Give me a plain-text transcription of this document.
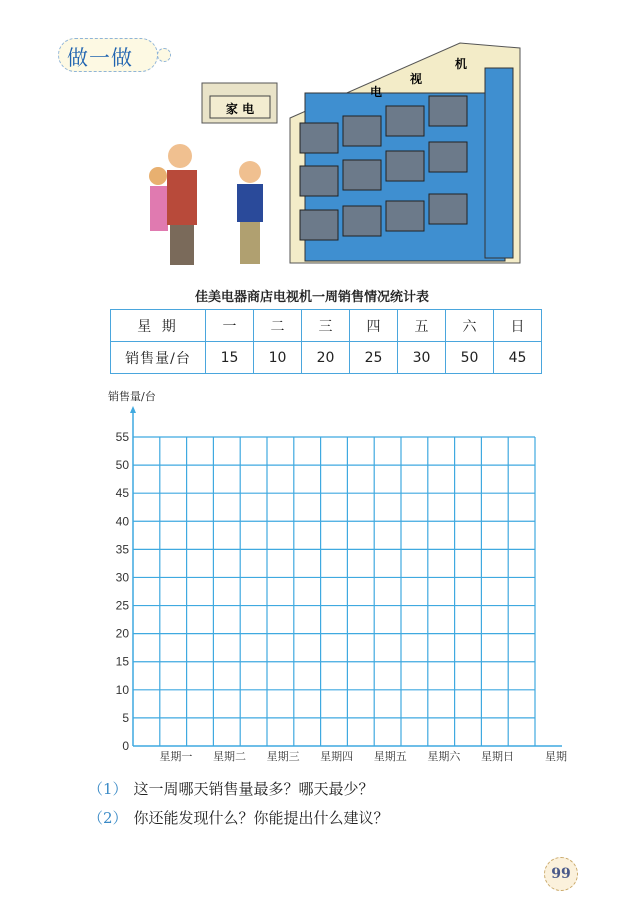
做一做
家 电
电
视
机
佳美电器商店电视机一周销售情况统计表
星 期	一	二	三	四	五	六	日
销售量/台	15	10	20	25	30	50	45
销售量/台
0
5
10
15
20
25
30
35
40
45
50
55
星期一 星期二 星期三 星期四 星期五 星期六 星期日	星期
（1） 这一周哪天销售量最多？哪天最少？
（2） 你还能发现什么？你能提出什么建议？
99
